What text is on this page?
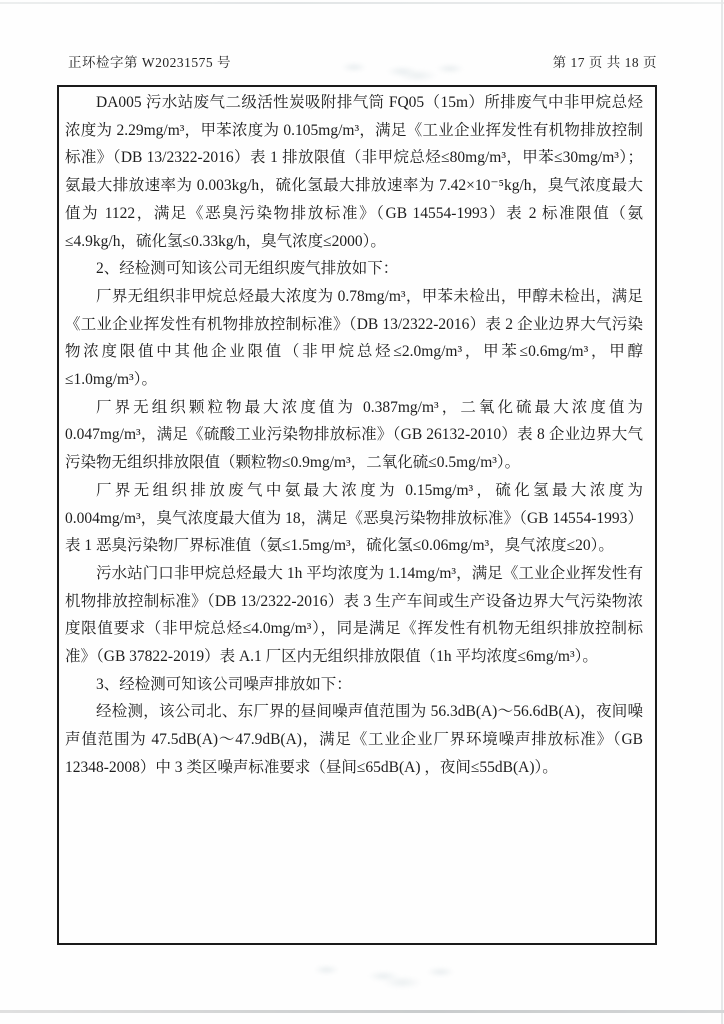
正环检字第 W20231575 号	第 17 页 共 18 页

DA005 污水站废气二级活性炭吸附排气筒 FQ05（15m）所排废气中非甲烷总烃浓度为 2.29mg/m³，甲苯浓度为 0.105mg/m³，满足《工业企业挥发性有机物排放控制标准》（DB 13/2322-2016）表 1 排放限值（非甲烷总烃≤80mg/m³，甲苯≤30mg/m³）；氨最大排放速率为 0.003kg/h，硫化氢最大排放速率为 7.42×10⁻⁵kg/h，臭气浓度最大值为 1122，满足《恶臭污染物排放标准》（GB 14554-1993）表 2 标准限值（氨≤4.9kg/h，硫化氢≤0.33kg/h，臭气浓度≤2000）。

2、经检测可知该公司无组织废气排放如下：

厂界无组织非甲烷总烃最大浓度为 0.78mg/m³，甲苯未检出，甲醇未检出，满足《工业企业挥发性有机物排放控制标准》（DB 13/2322-2016）表 2 企业边界大气污染物浓度限值中其他企业限值（非甲烷总烃≤2.0mg/m³，甲苯≤0.6mg/m³，甲醇≤1.0mg/m³）。

厂界无组织颗粒物最大浓度值为 0.387mg/m³，二氧化硫最大浓度值为 0.047mg/m³，满足《硫酸工业污染物排放标准》（GB 26132-2010）表 8 企业边界大气污染物无组织排放限值（颗粒物≤0.9mg/m³，二氧化硫≤0.5mg/m³）。

厂界无组织排放废气中氨最大浓度为 0.15mg/m³，硫化氢最大浓度为 0.004mg/m³，臭气浓度最大值为 18，满足《恶臭污染物排放标准》（GB 14554-1993）表 1 恶臭污染物厂界标准值（氨≤1.5mg/m³，硫化氢≤0.06mg/m³，臭气浓度≤20）。

污水站门口非甲烷总烃最大 1h 平均浓度为 1.14mg/m³，满足《工业企业挥发性有机物排放控制标准》（DB 13/2322-2016）表 3 生产车间或生产设备边界大气污染物浓度限值要求（非甲烷总烃≤4.0mg/m³），同是满足《挥发性有机物无组织排放控制标准》（GB 37822-2019）表 A.1 厂区内无组织排放限值（1h 平均浓度≤6mg/m³）。

3、经检测可知该公司噪声排放如下：

经检测，该公司北、东厂界的昼间噪声值范围为 56.3dB(A)～56.6dB(A)，夜间噪声值范围为 47.5dB(A)～47.9dB(A)，满足《工业企业厂界环境噪声排放标准》（GB 12348-2008）中 3 类区噪声标准要求（昼间≤65dB(A) ，夜间≤55dB(A)）。
